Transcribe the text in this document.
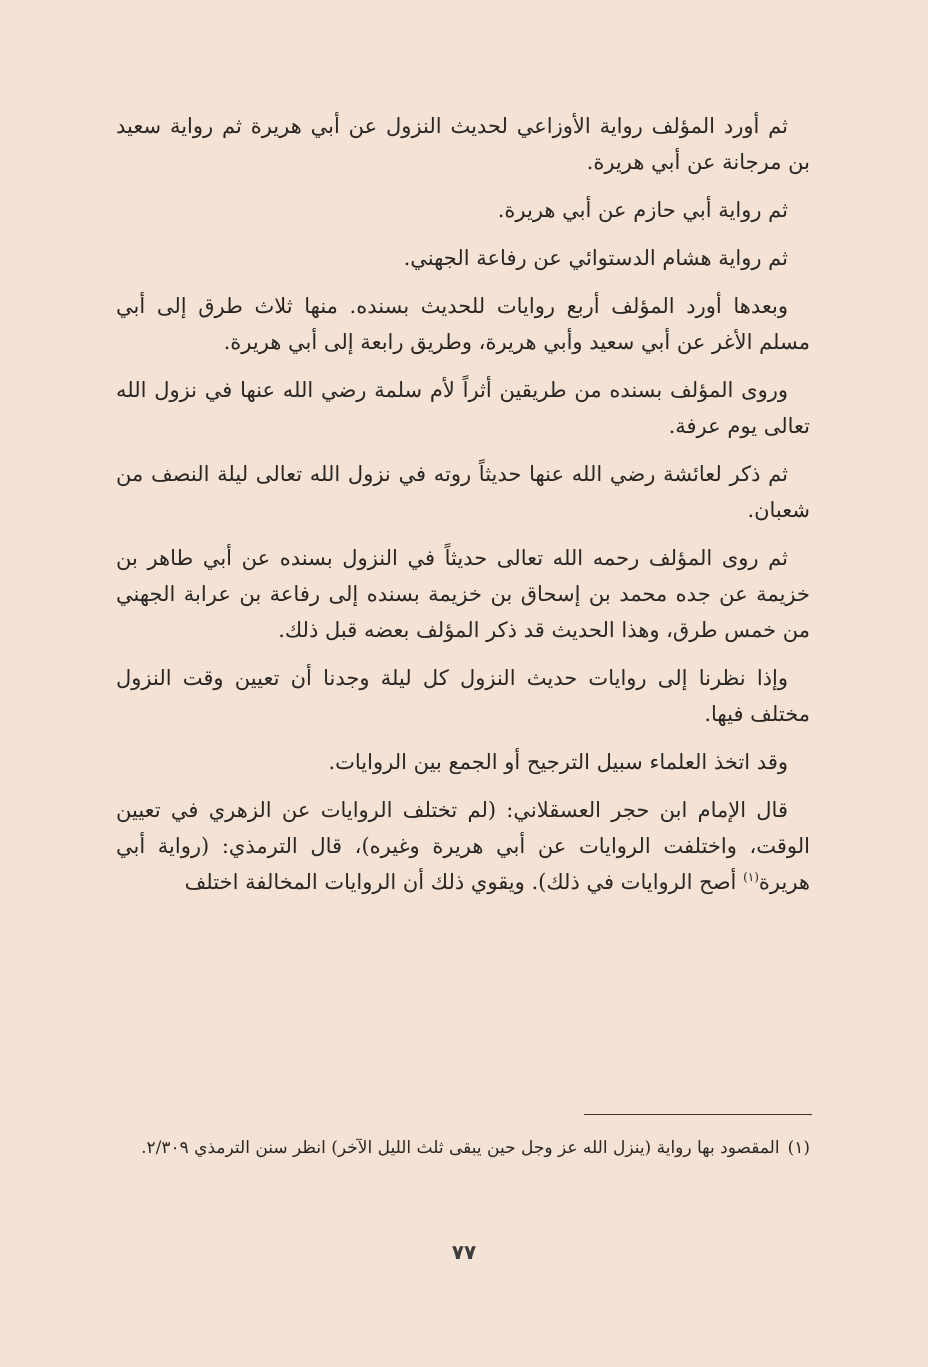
ثم أورد المؤلف رواية الأوزاعي لحديث النزول عن أبي هريرة ثم رواية سعيد بن مرجانة عن أبي هريرة.

ثم رواية أبي حازم عن أبي هريرة.

ثم رواية هشام الدستوائي عن رفاعة الجهني.

وبعدها أورد المؤلف أربع روايات للحديث بسنده. منها ثلاث طرق إلى أبي مسلم الأغر عن أبي سعيد وأبي هريرة، وطريق رابعة إلى أبي هريرة.

وروى المؤلف بسنده من طريقين أثراً لأم سلمة رضي الله عنها في نزول الله تعالى يوم عرفة.

ثم ذكر لعائشة رضي الله عنها حديثاً روته في نزول الله تعالى ليلة النصف من شعبان.

ثم روى المؤلف رحمه الله تعالى حديثاً في النزول بسنده عن أبي طاهر بن خزيمة عن جده محمد بن إسحاق بن خزيمة بسنده إلى رفاعة بن عرابة الجهني من خمس طرق، وهذا الحديث قد ذكر المؤلف بعضه قبل ذلك.

وإذا نظرنا إلى روايات حديث النزول كل ليلة وجدنا أن تعيين وقت النزول مختلف فيها.

وقد اتخذ العلماء سبيل الترجيح أو الجمع بين الروايات.

قال الإمام ابن حجر العسقلاني: (لم تختلف الروايات عن الزهري في تعيين الوقت، واختلفت الروايات عن أبي هريرة وغيره)، قال الترمذي: (رواية أبي هريرة$^{(١)}$ أصح الروايات في ذلك). ويقوي ذلك أن الروايات المخالفة اختلف

(١)المقصود بها رواية (ينزل الله عز وجل حين يبقى ثلث الليل الآخر) انظر سنن الترمذي ٢/٣٠٩.

٧٧
